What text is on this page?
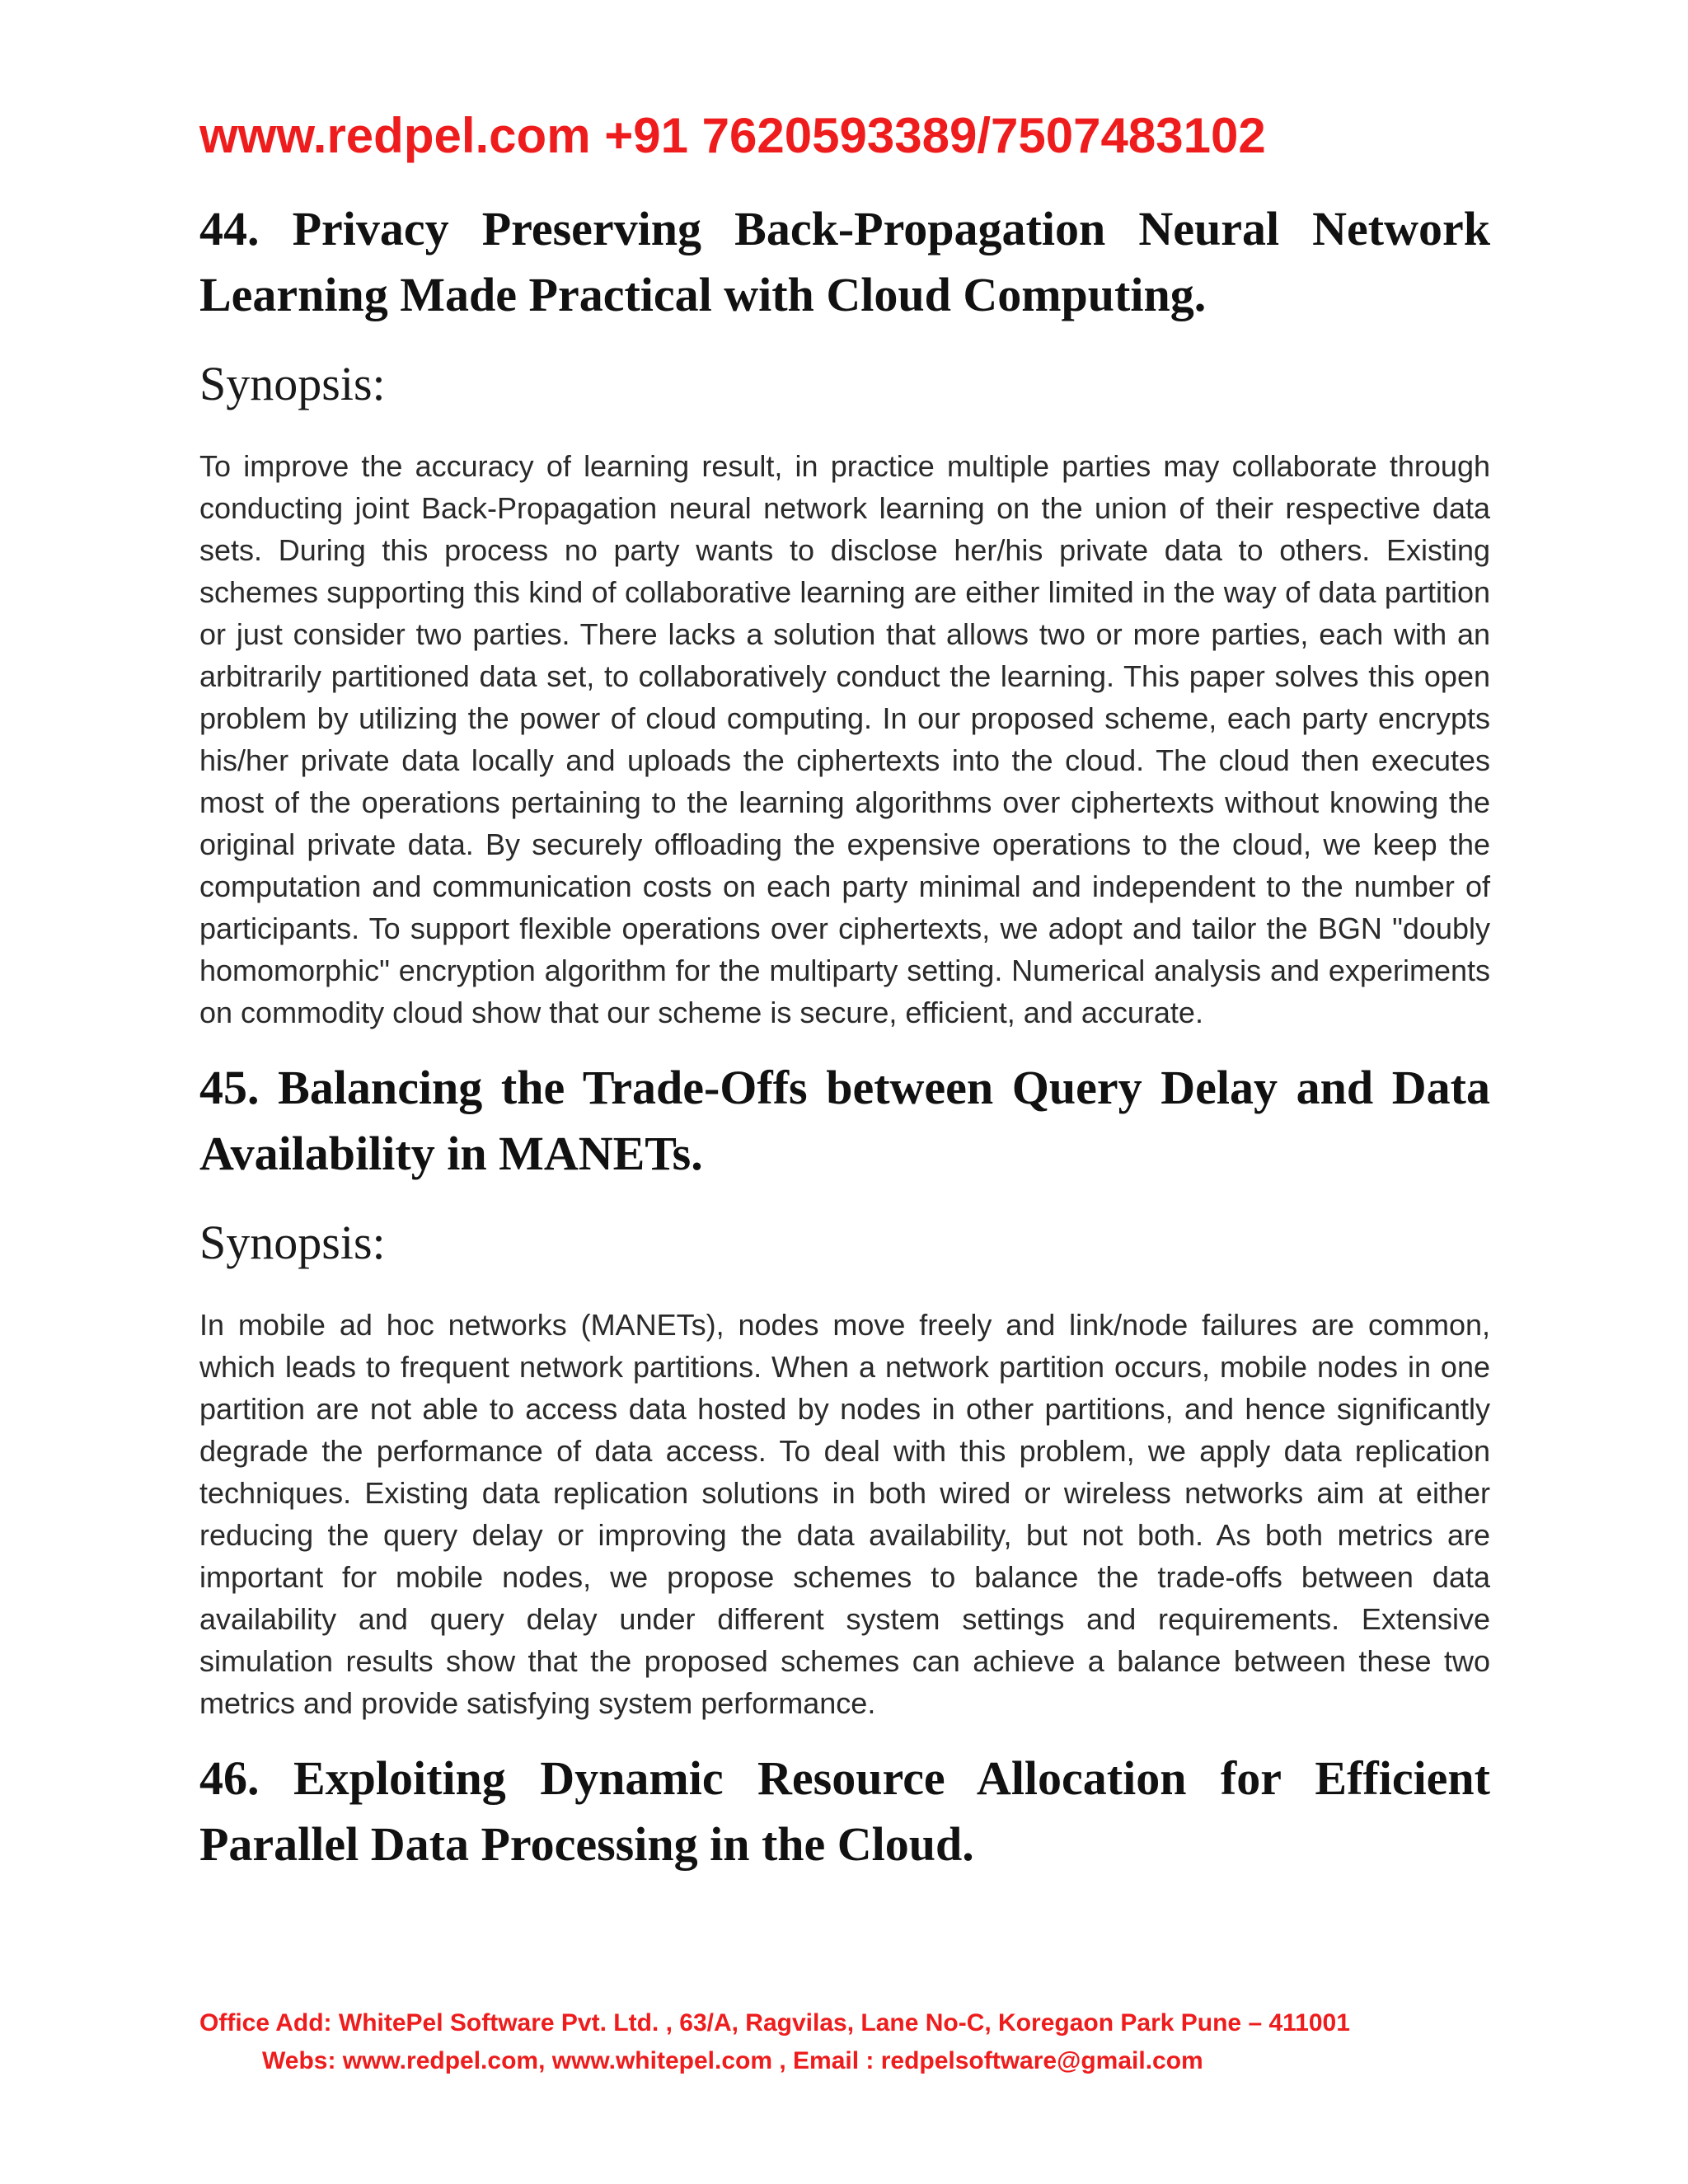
www.redpel.com +91 7620593389/7507483102
44. Privacy Preserving Back-Propagation Neural Network Learning Made Practical with Cloud Computing.
Synopsis:

To improve the accuracy of learning result, in practice multiple parties may collaborate through conducting joint Back-Propagation neural network learning on the union of their respective data sets. During this process no party wants to disclose her/his private data to others. Existing schemes supporting this kind of collaborative learning are either limited in the way of data partition or just consider two parties. There lacks a solution that allows two or more parties, each with an arbitrarily partitioned data set, to collaboratively conduct the learning. This paper solves this open problem by utilizing the power of cloud computing. In our proposed scheme, each party encrypts his/her private data locally and uploads the ciphertexts into the cloud. The cloud then executes most of the operations pertaining to the learning algorithms over ciphertexts without knowing the original private data. By securely offloading the expensive operations to the cloud, we keep the computation and communication costs on each party minimal and independent to the number of participants. To support flexible operations over ciphertexts, we adopt and tailor the BGN "doubly homomorphic" encryption algorithm for the multiparty setting. Numerical analysis and experiments on commodity cloud show that our scheme is secure, efficient, and accurate.

45. Balancing the Trade-Offs between Query Delay and Data Availability in MANETs.
Synopsis:

In mobile ad hoc networks (MANETs), nodes move freely and link/node failures are common, which leads to frequent network partitions. When a network partition occurs, mobile nodes in one partition are not able to access data hosted by nodes in other partitions, and hence significantly degrade the performance of data access. To deal with this problem, we apply data replication techniques. Existing data replication solutions in both wired or wireless networks aim at either reducing the query delay or improving the data availability, but not both. As both metrics are important for mobile nodes, we propose schemes to balance the trade-offs between data availability and query delay under different system settings and requirements. Extensive simulation results show that the proposed schemes can achieve a balance between these two metrics and provide satisfying system performance.

46. Exploiting Dynamic Resource Allocation for Efficient Parallel Data Processing in the Cloud.
Office Add: WhitePel Software Pvt. Ltd. , 63/A, Ragvilas, Lane No-C, Koregaon Park Pune – 411001
Webs: www.redpel.com, www.whitepel.com , Email : redpelsoftware@gmail.com
